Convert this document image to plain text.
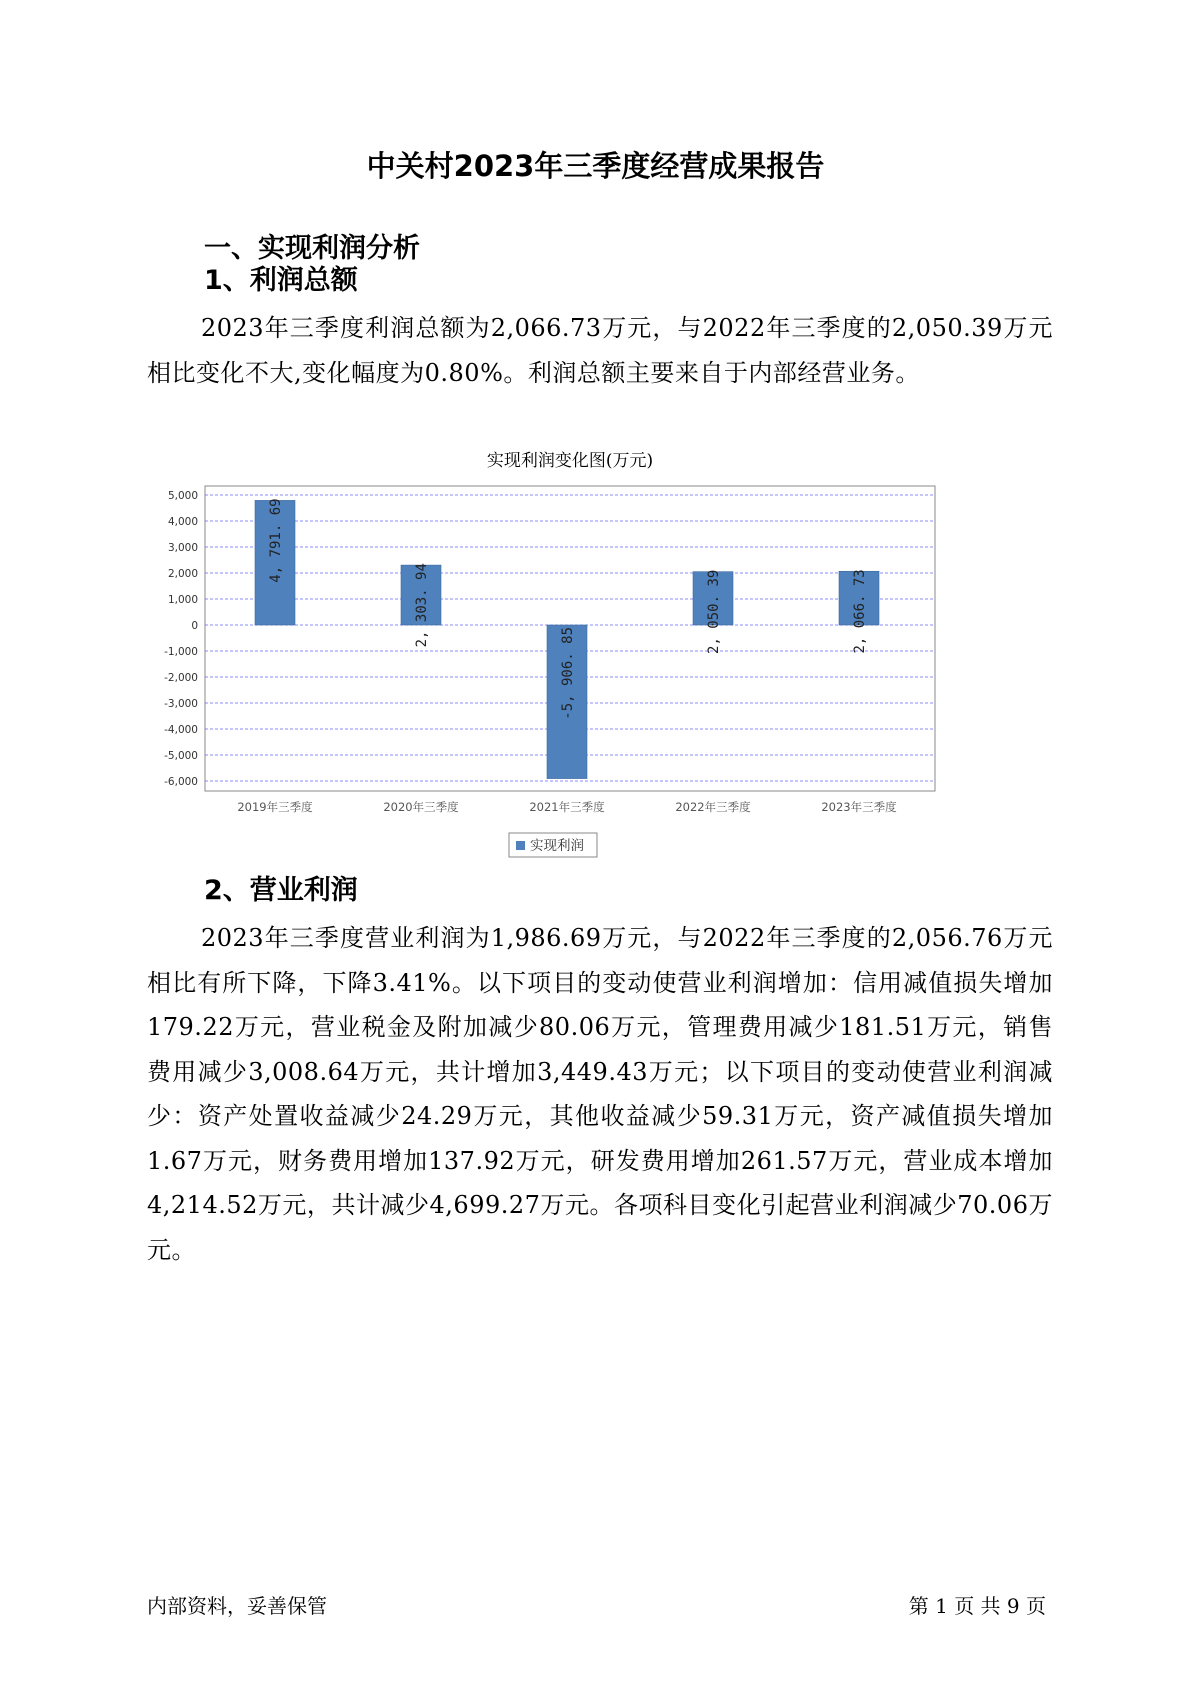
中关村2023年三季度经营成果报告
一、实现利润分析
1、利润总额
2023年三季度利润总额为2,066.73万元，与2022年三季度的2,050.39万元相比变化不大,变化幅度为0.80%。利润总额主要来自于内部经营业务。
实现利润变化图(万元)
5,000
4,000
3,000
2,000
1,000
0
-1,000
-2,000
-3,000
-4,000
-5,000
-6,000
4, 791. 69
2019年三季度
2, 303. 94
2020年三季度
-5, 906. 85
2021年三季度
2, 050. 39
2022年三季度
2, 066. 73
2023年三季度
实现利润
2、营业利润
2023年三季度营业利润为1,986.69万元，与2022年三季度的2,056.76万元相比有所下降，下降3.41%。以下项目的变动使营业利润增加：信用减值损失增加179.22万元，营业税金及附加减少80.06万元，管理费用减少181.51万元，销售费用减少3,008.64万元，共计增加3,449.43万元；以下项目的变动使营业利润减少：资产处置收益减少24.29万元，其他收益减少59.31万元，资产减值损失增加1.67万元，财务费用增加137.92万元，研发费用增加261.57万元，营业成本增加4,214.52万元，共计减少4,699.27万元。各项科目变化引起营业利润减少70.06万元。
内部资料，妥善保管	第 1 页 共 9 页
